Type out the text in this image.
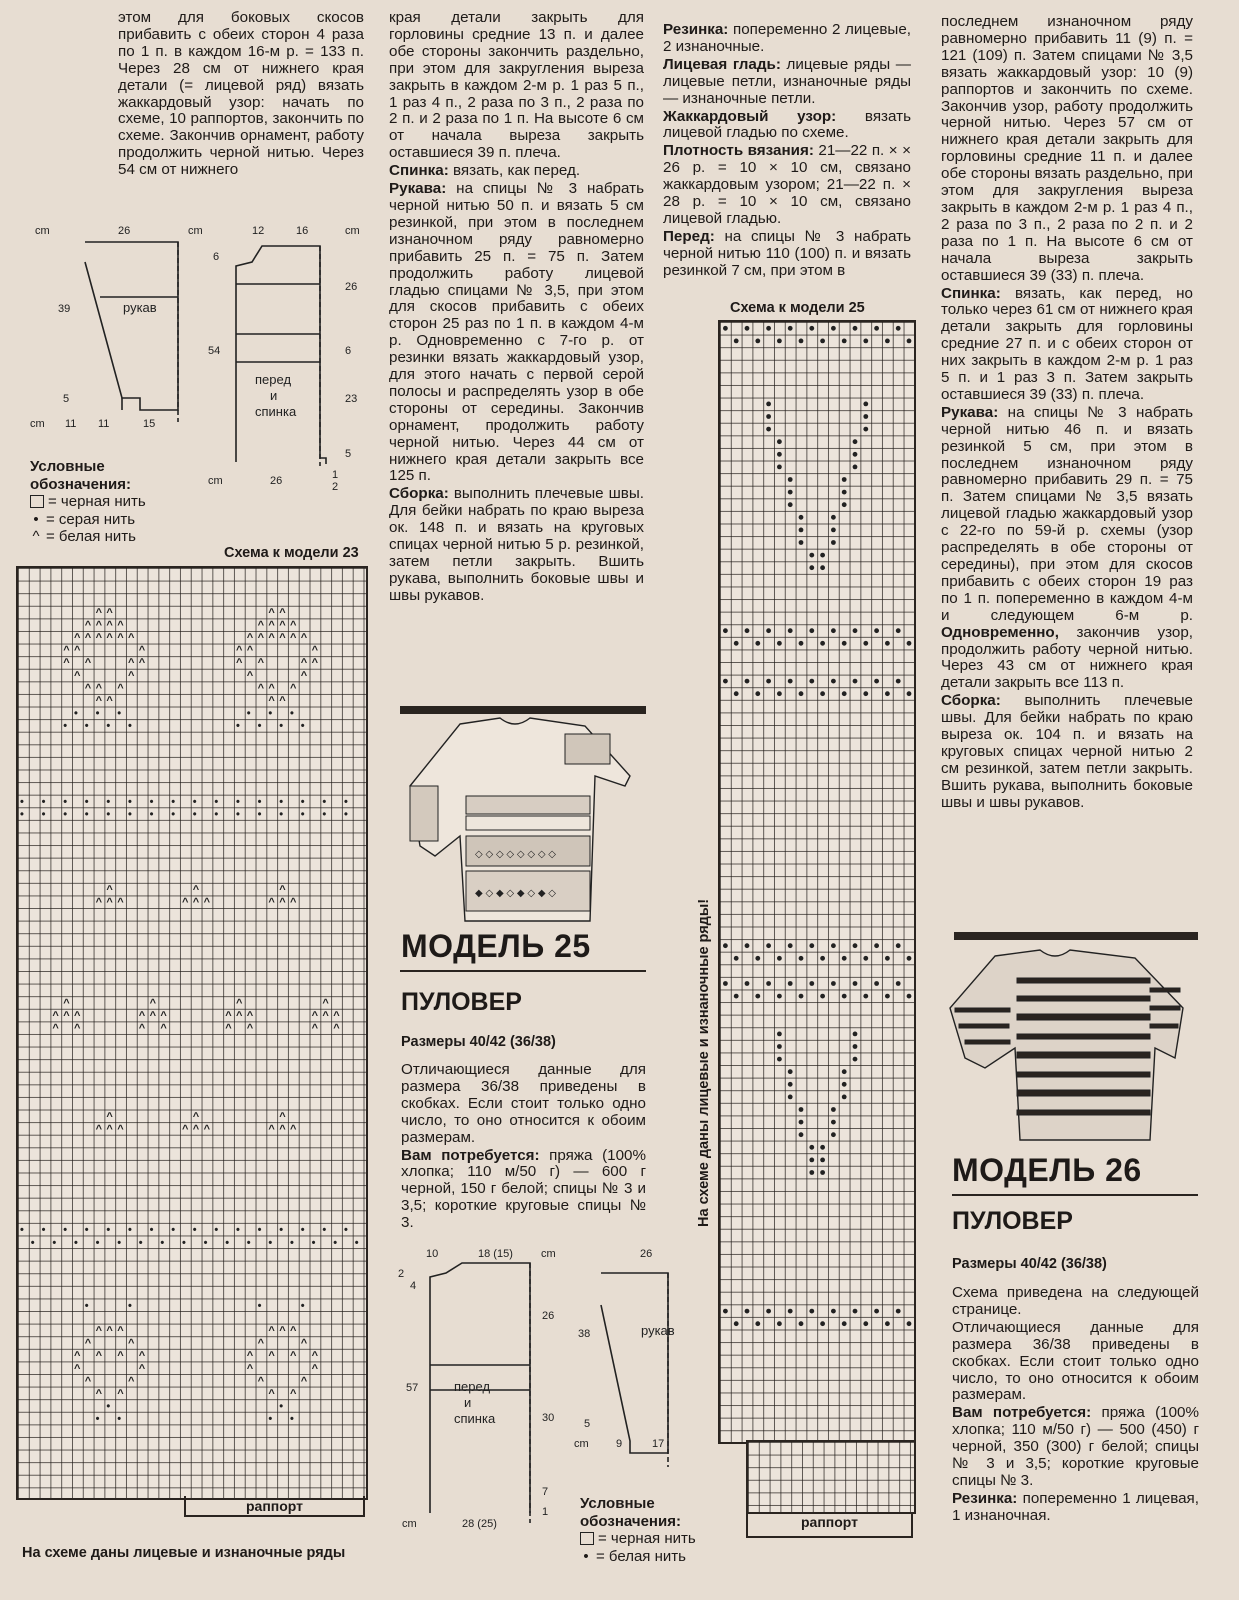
этом для боковых скосов прибавить с обеих сторон 4 раза по 1 п. в каждом 16-м р. = 133 п. Через 28 см от нижнего края детали (= лицевой ряд) вязать жаккардовый узор: начать по схеме, 10 раппортов, закончить по схеме. Закончив орнамент, работу продолжить черной нитью. Через 54 см от нижнего

cm	26	cm
39	рукав
5
cm 11 11	15
12	16	cm
6
26
6
54
23
5
перед
и
спинка
cm	26	1
2
Условные
обозначения:
= черная нить
• = серая нить
^ = белая нить
Схема к модели 23
^ ^
^ ^ ^ ^
^ ^ ^ ^ ^ ^
^ ^	^
^ ^	^ ^
^	^
^ ^ ^
^ ^
^ ^
^ ^ ^ ^
^ ^ ^ ^ ^ ^
^ ^	^
^ ^	^ ^
^	^
^ ^ ^
^ ^
•	•
•	•
•	•
•	•
•	•
•	•
•	•
•
•
•
•
•
•
•
•
•
•
•
•
•
•
•
•
•
•
•
•
•
•
•
•
•
•
•
•
•
•
•
•
^
^ ^ ^
^
^ ^ ^
^
^ ^ ^
^	^	^	^
^ ^ ^	^ ^ ^	^ ^ ^	^ ^ ^
^ ^	^ ^	^ ^	^ ^
^	^	^
^ ^ ^	^ ^ ^	^ ^ ^
•
•
•
•
•
•
•
•
•
•
•
•
•
•
•
•
•
•
•
•
•
•
•
•
•
•
•
•
•
•
•
•
•	•	•	•
^ ^ ^
^	^
^ ^ ^ ^
^	^
^	^
^ ^
^ ^ ^
^	^
^ ^ ^ ^
^	^
^	^
^ ^
•	•
• •	• •
раппорт
На схеме даны лицевые и изнаночные ряды

края детали закрыть для горловины средние 13 п. и далее обе стороны закончить раздельно, при этом для закругления выреза закрыть в каждом 2-м р. 1 раз 5 п., 1 раз 4 п., 2 раза по 3 п., 2 раза по 2 п. и 2 раза по 1 п. На высоте 6 см от начала выреза закрыть оставшиеся 39 п. плеча.

Спинка: вязать, как перед.

Рукава: на спицы № 3 набрать черной нитью 50 п. и вязать 5 см резинкой, при этом в последнем изнаночном ряду равномерно прибавить 25 п. = 75 п. Затем продолжить работу лицевой гладью спицами № 3,5, при этом для скосов прибавить с обеих сторон 25 раз по 1 п. в каждом 4-м р. Одновременно с 7-го р. от резинки вязать жаккардовый узор, для этого начать с первой серой полосы и распределять узор в обе стороны от середины. Закончив орнамент, продолжить работу черной нитью. Через 44 см от нижнего края детали закрыть все 125 п.

Сборка: выполнить плечевые швы. Для бейки набрать по краю выреза ок. 148 п. и вязать на круговых спицах черной нитью 5 р. резинкой, затем петли закрыть. Вшить рукава, выполнить боковые швы и швы рукавов.

◇ ◇ ◇ ◇ ◇ ◇ ◇ ◇
◆ ◇ ◆ ◇ ◆ ◇ ◆ ◇
МОДЕЛЬ 25
ПУЛОВЕР
Размеры 40/42 (36/38)

Отличающиеся данные для размера 36/38 приведены в скобках. Если стоит только одно число, то оно относится к обоим размерам.

Вам потребуется: пряжа (100% хлопка; 110 м/50 г) — 600 г черной, 150 г белой; спицы № 3 и 3,5; короткие круговые спицы № 3.

10	18 (15)	cm
2
4
26
57	перед
и
спинка	30
7
1
28 (25)
cm
26
38	рукав
5
cm 9	17
Условные
обозначения:
= черная нить
• = белая нить

Резинка: попеременно 2 лицевые, 2 изнаночные.

Лицевая гладь: лицевые ряды — лицевые петли, изнаночные ряды — изнаночные петли.

Жаккардовый узор: вязать лицевой гладью по схеме.

Плотность вязания: 21—22 п. × × 26 р. = 10 × 10 см, связано жаккардовым узором; 21—22 п. × 28 р. = 10 × 10 см, связано лицевой гладью.

Перед: на спицы № 3 набрать черной нитью 110 (100) п. и вязать резинкой 7 см, при этом в

Схема к модели 25
На схеме даны лицевые и изнаночные ряды!
раппорт

последнем изнаночном ряду равномерно прибавить 11 (9) п. = 121 (109) п. Затем спицами № 3,5 вязать жаккардовый узор: 10 (9) раппортов и закончить по схеме. Закончив узор, работу продолжить черной нитью. Через 57 см от нижнего края детали закрыть для горловины средние 11 п. и далее обе стороны вязать раздельно, при этом для закругления выреза закрыть в каждом 2-м р. 1 раз 4 п., 2 раза по 3 п., 2 раза по 2 п. и 2 раза по 1 п. На высоте 6 см от начала выреза закрыть оставшиеся 39 (33) п. плеча.

Спинка: вязать, как перед, но только через 61 см от нижнего края детали закрыть для горловины средние 27 п. и с обеих сторон от них закрыть в каждом 2-м р. 1 раз 5 п. и 1 раз 3 п. Затем закрыть оставшиеся 39 (33) п. плеча.

Рукава: на спицы № 3 набрать черной нитью 46 п. и вязать резинкой 5 см, при этом в последнем изнаночном ряду равномерно прибавить 29 п. = 75 п. Затем спицами № 3,5 вязать лицевой гладью жаккардовый узор с 22-го по 59-й р. схемы (узор распределять в обе стороны от середины), при этом для скосов прибавить с обеих сторон 19 раз по 1 п. попеременно в каждом 4-м и следующем 6-м р. Одновременно, закончив узор, продолжить работу черной нитью. Через 43 см от нижнего края детали закрыть все 113 п.

Сборка: выполнить плечевые швы. Для бейки набрать по краю выреза ок. 104 п. и вязать на круговых спицах черной нитью 2 см резинкой, затем петли закрыть. Вшить рукава, выполнить боковые швы и швы рукавов.

МОДЕЛЬ 26
ПУЛОВЕР
Размеры 40/42 (36/38)

Схема приведена на следующей странице.

Отличающиеся данные для размера 36/38 приведены в скобках. Если стоит только одно число, то оно относится к обоим размерам.

Вам потребуется: пряжа (100% хлопка; 110 м/50 г) — 500 (450) г черной, 350 (300) г белой; спицы № 3 и 3,5; короткие круговые спицы № 3.

Резинка: попеременно 1 лицевая, 1 изнаночная.
